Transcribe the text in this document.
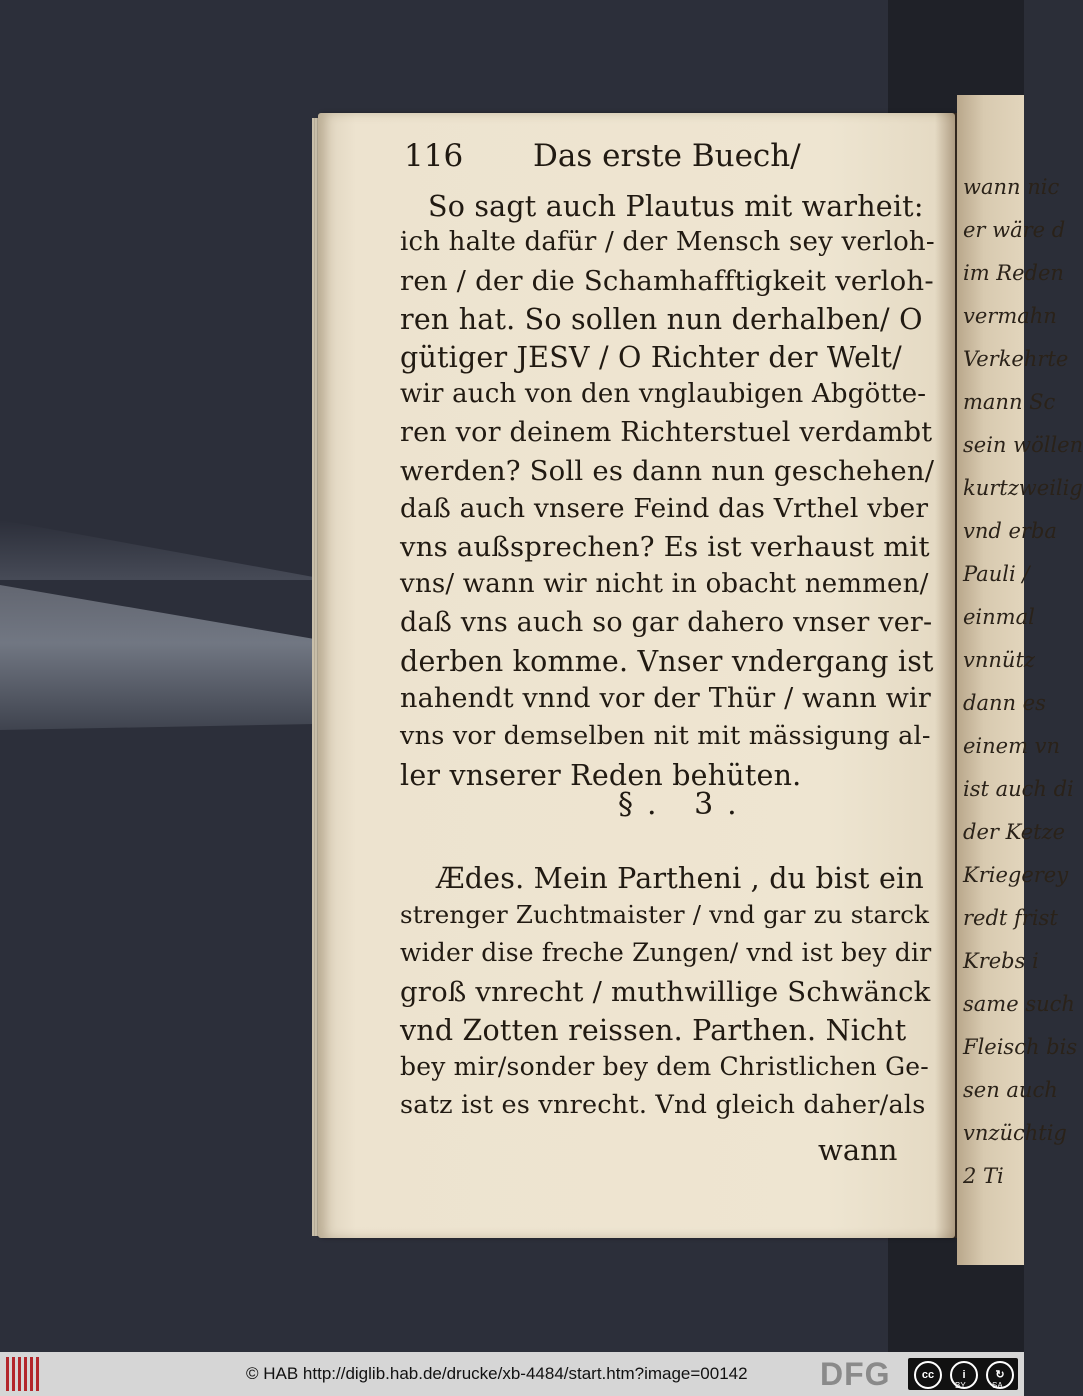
wann nic
er wäre d
im Reden
vermahn
Verkehrte
mann Sc
sein wöllen
kurtzweilig
vnd erba
Pauli /
einmal
vnnütz
dann es
einem vn
ist auch di
der Ketze
Kriegerey
redt frist
Krebs i
same such
Fleisch bis
sen auch
vnzüchtig
2 Ti
116 Das erste Buech/
So sagt auch Plautus mit warheit:
ich halte dafür / der Mensch sey verloh-
ren / der die Schamhafftigkeit verloh-
ren hat. So sollen nun derhalben/ O
gütiger JESV / O Richter der Welt/
wir auch von den vnglaubigen Abgötte-
ren vor deinem Richterstuel verdambt
werden? Soll es dann nun geschehen/
daß auch vnsere Feind das Vrthel vber
vns außsprechen? Es ist verhaust mit
vns/ wann wir nicht in obacht nemmen/
daß vns auch so gar dahero vnser ver-
derben komme. Vnser vndergang ist
nahendt vnnd vor der Thür / wann wir
vns vor demselben nit mit mässigung al-
ler vnserer Reden behüten.
Ædes. Mein Partheni , du bist ein
strenger Zuchtmaister / vnd gar zu starck
wider dise freche Zungen/ vnd ist bey dir
groß vnrecht / muthwillige Schwänck
vnd Zotten reissen. Parthen. Nicht
bey mir/sonder bey dem Christlichen Ge-
satz ist es vnrecht. Vnd gleich daher/als
§. 3.
wann
© HAB http://diglib.hab.de/drucke/xb-4484/start.htm?image=00142 DFG	cc	i	↻
BY	SA
